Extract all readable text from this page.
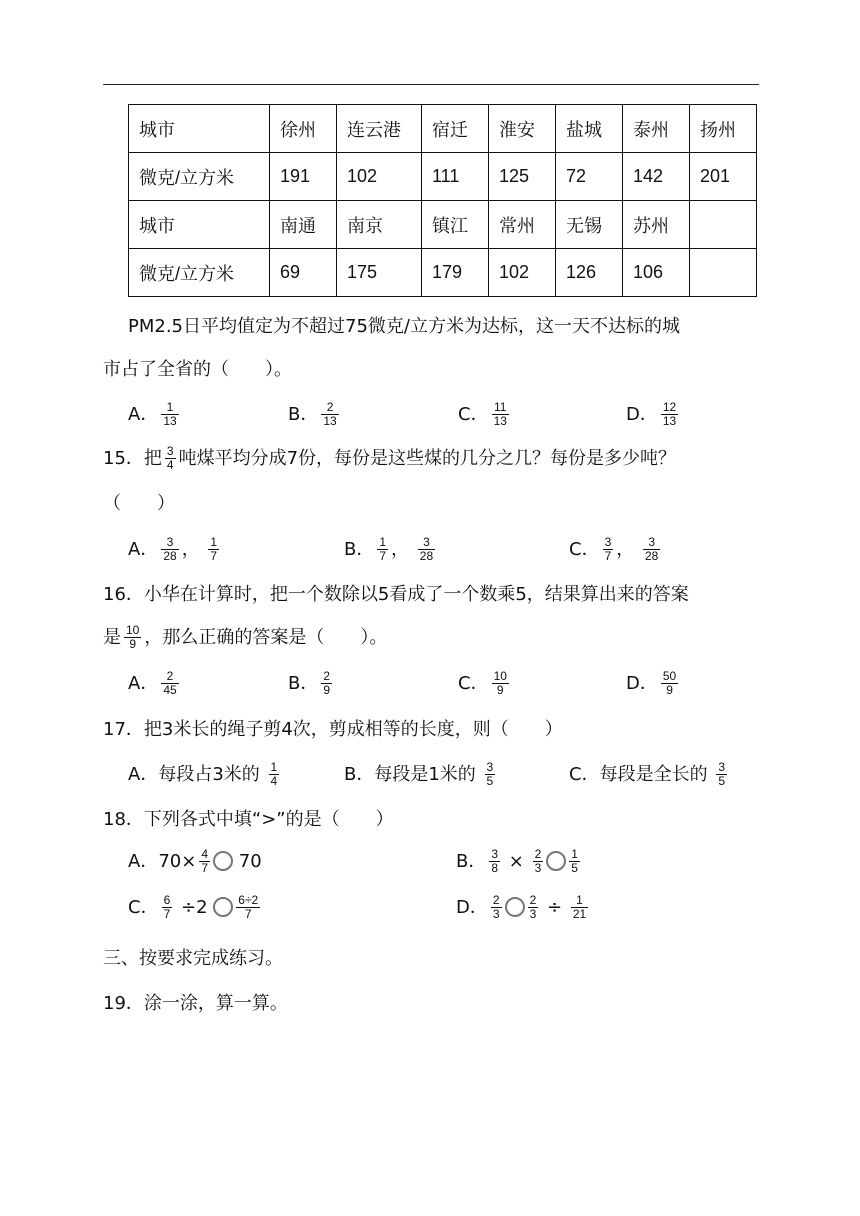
城市	徐州	连云港	宿迁	淮安	盐城	泰州	扬州
微克/立方米	191	102	111	125	72	142	201
城市	南通	南京	镇江	常州	无锡	苏州	
微克/立方米	69	175	179	102	126	106	
PM2.5日平均值定为不超过75微克/立方米为达标，这一天不达标的城
市占了全省的（　　）。
A． $\frac{1}{13}$	B． $\frac{2}{13}$	C． $\frac{11}{13}$	D． $\frac{12}{13}$
15．把 $\frac{3}{4}$ 吨煤平均分成7份，每份是这些煤的几分之几？每份是多少吨？
（　　）
A． $\frac{3}{28}$ ， $\frac{1}{7}$	B． $\frac{1}{7}$ ， $\frac{3}{28}$	C． $\frac{3}{7}$ ， $\frac{3}{28}$
16．小华在计算时，把一个数除以5看成了一个数乘5，结果算出来的答案
是 $\frac{10}{9}$ ，那么正确的答案是（　　）。
A． $\frac{2}{45}$	B． $\frac{2}{9}$	C． $\frac{10}{9}$	D． $\frac{50}{9}$
17．把3米长的绳子剪4次，剪成相等的长度，则（　　）
A．每段占3米的 $\frac{1}{4}$	B．每段是1米的 $\frac{3}{5}$	C．每段是全长的 $\frac{3}{5}$
18．下列各式中填“>”的是（　　）
A．$70\times \frac{4}{7} 70$	B． $\frac{3}{8} \times \frac{2}{3} \frac{1}{5}$
C． $\frac{6}{7} \div 2 \frac{6\div 2}{7}$	D． $\frac{2}{3} \frac{2}{3} \div \frac{1}{21}$
三、按要求完成练习。
19．涂一涂，算一算。
